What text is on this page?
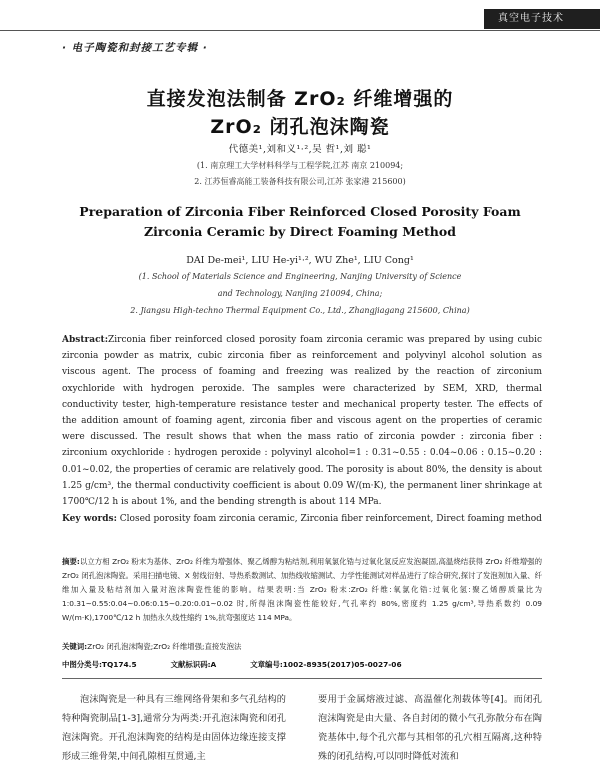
真空电子技术
· 电子陶瓷和封接工艺专辑 ·
直接发泡法制备 ZrO₂ 纤维增强的
ZrO₂ 闭孔泡沫陶瓷
代德美¹,刘和义¹·²,吴 哲¹,刘 聪¹
(1. 南京理工大学材料科学与工程学院,江苏 南京 210094;
2. 江苏恒睿高能工装备科技有限公司,江苏 张家港 215600)
Preparation of Zirconia Fiber Reinforced Closed Porosity Foam
Zirconia Ceramic by Direct Foaming Method
DAI De-mei¹, LIU He-yi¹·², WU Zhe¹, LIU Cong¹
(1. School of Materials Science and Engineering, Nanjing University of Science
and Technology, Nanjing 210094, China;
2. Jiangsu High-techno Thermal Equipment Co., Ltd., Zhangjiagang 215600, China)
Abstract:Zirconia fiber reinforced closed porosity foam zirconia ceramic was prepared by using cubic zirconia powder as matrix, cubic zirconia fiber as reinforcement and polyvinyl alcohol solution as viscous agent. The process of foaming and freezing was realized by the reaction of zirconium oxychloride with hydrogen peroxide. The samples were characterized by SEM, XRD, thermal conductivity tester, high-temperature resistance tester and mechanical property tester. The effects of the addition amount of foaming agent, zirconia fiber and viscous agent on the properties of ceramic were discussed. The result shows that when the mass ratio of zirconia powder : zirconia fiber : zirconium oxychloride : hydrogen peroxide : polyvinyl alcohol=1 : 0.31~0.55 : 0.04~0.06 : 0.15~0.20 : 0.01~0.02, the properties of ceramic are relatively good. The porosity is about 80%, the density is about 1.25 g/cm³, the thermal conductivity coefficient is about 0.09 W/(m·K), the permanent liner shrinkage at 1700℃/12 h is about 1%, and the bending strength is about 114 MPa.
Key words: Closed porosity foam zirconia ceramic, Zirconia fiber reinforcement, Direct foaming method
摘要:以立方相 ZrO₂ 粉末为基体、ZrO₂ 纤维为增强体、聚乙烯醇为粘结剂,利用氧氯化锆与过氧化氢反应发泡凝固,高温烧结获得 ZrO₂ 纤维增强的 ZrO₂ 闭孔泡沫陶瓷。采用扫描电镜、X 射线衍射、导热系数测试、加热线收缩测试、力学性能测试对样品进行了综合研究,探讨了发泡剂加入量、纤维加入量及粘结剂加入量对泡沫陶瓷性能的影响。结果表明:当 ZrO₂ 粉末:ZrO₂ 纤维:氧氯化锆:过氧化氢:聚乙烯醇质量比为 1:0.31~0.55:0.04~0.06:0.15~0.20:0.01~0.02 时,所得泡沫陶瓷性能较好,气孔率约 80%,密度约 1.25 g/cm³,导热系数约 0.09 W/(m·K),1700℃/12 h 加热永久线性缩约 1%,抗弯强度达 114 MPa。
关键词:ZrO₂ 闭孔泡沫陶瓷;ZrO₂ 纤维增强;直接发泡法
中图分类号:TQ174.5	文献标识码:A	文章编号:1002-8935(2017)05-0027-06
泡沫陶瓷是一种具有三维网络骨架和多气孔结构的特种陶瓷制品[1-3],通常分为两类:开孔泡沫陶瓷和闭孔泡沫陶瓷。开孔泡沫陶瓷的结构是由固体边缘连接支撑形成三维骨架,中间孔隙相互贯通,主
要用于金属熔液过滤、高温催化剂载体等[4]。而闭孔泡沫陶瓷是由大量、各自封闭的微小气孔弥散分布在陶瓷基体中,每个孔穴都与其相邻的孔穴相互隔离,这种特殊的闭孔结构,可以同时降低对流和
